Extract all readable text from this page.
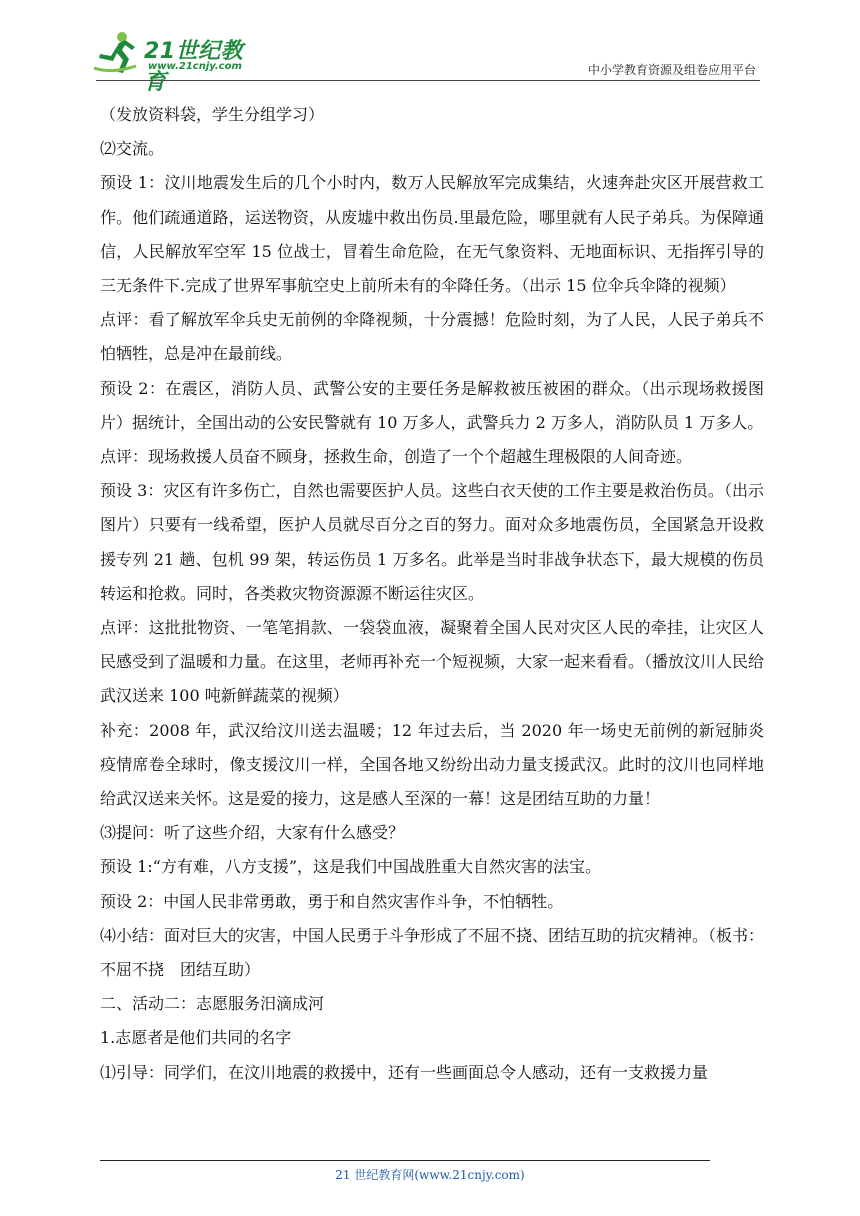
21世纪教育
www.21cnjy.com	中小学教育资源及组卷应用平台

（发放资料袋，学生分组学习）

⑵交流。

预设 1：汶川地震发生后的几个小时内，数万人民解放军完成集结，火速奔赴灾区开展营救工作。他们疏通道路，运送物资，从废墟中救出伤员.里最危险，哪里就有人民子弟兵。为保障通信，人民解放军空军 15 位战士，冒着生命危险，在无气象资料、无地面标识、无指挥引导的三无条件下.完成了世界军事航空史上前所未有的伞降任务。（出示 15 位伞兵伞降的视频）

点评：看了解放军伞兵史无前例的伞降视频，十分震撼！危险时刻，为了人民，人民子弟兵不怕牺牲，总是冲在最前线。

预设 2：在震区，消防人员、武警公安的主要任务是解救被压被困的群众。（出示现场救援图片）据统计，全国出动的公安民警就有 10 万多人，武警兵力 2 万多人，消防队员 1 万多人。

点评：现场救援人员奋不顾身，拯救生命，创造了一个个超越生理极限的人间奇迹。

预设 3：灾区有许多伤亡，自然也需要医护人员。这些白衣天使的工作主要是救治伤员。（出示图片）只要有一线希望，医护人员就尽百分之百的努力。面对众多地震伤员，全国紧急开设救援专列 21 趟、包机 99 架，转运伤员 1 万多名。此举是当时非战争状态下，最大规模的伤员转运和抢救。同时，各类救灾物资源源不断运往灾区。

点评：这批批物资、一笔笔捐款、一袋袋血液，凝聚着全国人民对灾区人民的牵挂，让灾区人民感受到了温暖和力量。在这里，老师再补充一个短视频，大家一起来看看。（播放汶川人民给武汉送来 100 吨新鲜蔬菜的视频）

补充：2008 年，武汉给汶川送去温暖；12 年过去后，当 2020 年一场史无前例的新冠肺炎疫情席卷全球时，像支援汶川一样，全国各地又纷纷出动力量支援武汉。此时的汶川也同样地给武汉送来关怀。这是爱的接力，这是感人至深的一幕！这是团结互助的力量！

⑶提问：听了这些介绍，大家有什么感受？

预设 1:“方有难，八方支援”，这是我们中国战胜重大自然灾害的法宝。

预设 2：中国人民非常勇敢，勇于和自然灾害作斗争，不怕牺牲。

⑷小结：面对巨大的灾害，中国人民勇于斗争形成了不屈不挠、团结互助的抗灾精神。（板书：不屈不挠　团结互助）

二、活动二：志愿服务汨滴成河

1.志愿者是他们共同的名字

⑴引导：同学们，在汶川地震的救援中，还有一些画面总令人感动，还有一支救援力量

21 世纪教育网(www.21cnjy.com)
